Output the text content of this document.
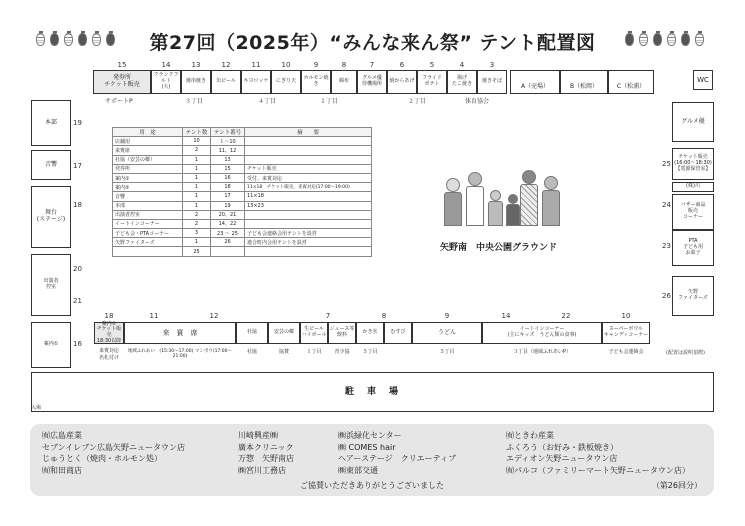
第27回（2025年）“みんな来ん祭” テント配置図
15	14	13	12	11	10	9	8	7	6	5	4	3
発券所
チケット販売
フランクフルト
(大)
焼串焼き	缶ビール	キヨロッケ	にぎり天	ホルモン焼き	綿布	グルメ優
待機場所	焼からあげ	フライド
ポテト
揚げ
たこ焼き	焼きそば
サポートP	３丁目	４丁目	１丁目	２丁目	体育協会
A（売場）	B（松岡）	C（松浦）
WC
本部	19
音響	17
舞台
(ステージ)
18
出演者
控室
20
21
案内①	16
グルメ優
チケット販売
(16:00～18:30)
【電源保管室】
25
(株)川
バザー商品
販売
コーナー
24
PTA
子ども用
お菓子
23
矢野
ファイターズ
26
(配置は説明頂標)
用　途	テント数	テント番号	摘　　要
店舗用	10	１～10	
来賓席	2	11、12	
社協（安芸の郷）	1	13	
発券所	1	15	チケット販売
案内①	1	16	受付、来賓対応
案内②	1	18	11×18　チケット販売、来賓対応(17:00～19:00)
音響	1	17	11×18
本部	1	19	13×23
出演者控室	2	20、21	
イートインコーナー	2	14、22	
子ども会・PTAコーナー	3	23 ～ 25	子ども会連絡会用テントを設営
矢野ファイターズ	1	26	連合町内会用テントを設営
	25			矢野南　中央公園グラウンド
18	11	12	7	8	9	14	22	10
案内②
チケット販売
18:30以降
来　賓　席	社協	安芸の郷	生ビール
ハイボール
ジュース等
飲料	かき氷	むすび	うどん	イートインコーナー
(主にキッズ　うどん類の食事)
スーパーボウル
キャンディコーナー
来賓対応
名札付け
地域ふれあい　(15:30～17:00) マンボウ(17:00～21:00)
社協	協賛	１丁目	青少協	５丁目	５丁目	３丁目（地域ふれあいP）	子ども会連絡会
駐　車　場
入場
㈲広島産業
セブンイレブン広島矢野ニュータウン店
じゅうとく（焼肉・ホルモン処）
㈲和田商店
川崎興産㈱
廣本クリニック
万惣　矢野南店
㈱宮川工務店
㈱浜緑化センター
㈱ COMES hair
ヘアーステージ　クリエーティブ
㈱東部交通
㈲ときわ産業
ふくろう（お好み・鉄板焼き）
エディオン矢野ニュータウン店
㈲パルコ（ファミリーマート矢野ニュータウン店）
ご協賛いただきありがとうございました	（第26回分）
